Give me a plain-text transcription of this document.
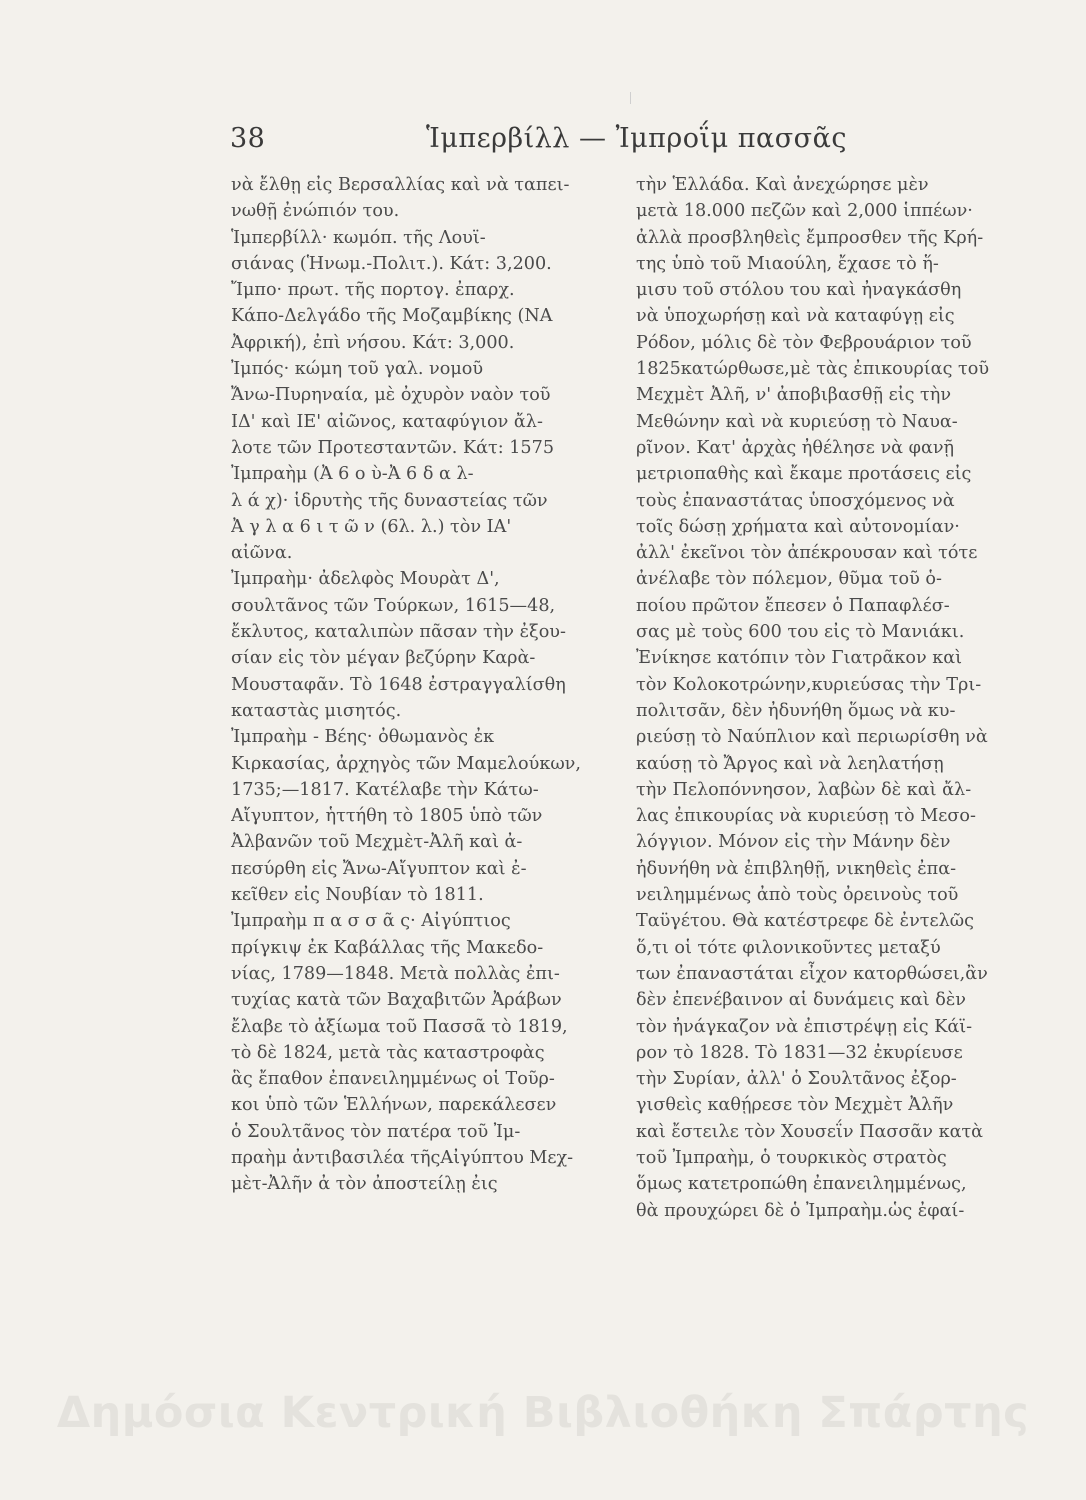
38	Ἱμπερβίλλ — Ἰμπροΐμ πασσᾶς
νὰ ἔλθῃ εἰς Βερσαλλίας καὶ νὰ ταπει-
νωθῇ ἐνώπιόν του.
Ἱμπερβίλλ· κωμόπ. τῆς Λουϊ-
σιάνας (Ἡνωμ.-Πολιτ.). Κάτ: 3,200.
Ἴμπο· πρωτ. τῆς πορτογ. ἐπαρχ.
Κάπο-Δελγάδο τῆς Μοζαμβίκης (ΝΑ
Ἀφρική), ἐπὶ νήσου. Κάτ: 3,000.
Ἰμπός· κώμη τοῦ γαλ. νομοῦ
Ἄνω-Πυρηναία, μὲ ὀχυρὸν ναὸν τοῦ
ΙΔ' καὶ ΙΕ' αἰῶνος, καταφύγιον ἄλ-
λοτε τῶν Προτεσταντῶν. Κάτ: 1575
Ἰμπραὴμ (Ἀ 6 ο ὺ-Ἀ 6 δ α λ-
λ ά χ)· ἱδρυτὴς τῆς δυναστείας τῶν
Ἀ γ λ α 6 ι τ ῶ ν (6λ. λ.) τὸν ΙΑ'
αἰῶνα.
Ἰμπραὴμ· ἀδελφὸς Μουρὰτ Δ',
σουλτᾶνος τῶν Τούρκων, 1615—48,
ἔκλυτος, καταλιπὼν πᾶσαν τὴν ἐξου-
σίαν εἰς τὸν μέγαν βεζύρην Καρὰ-
Μουσταφᾶν. Τὸ 1648 ἐστραγγαλίσθη
καταστὰς μισητός.
Ἰμπραὴμ - Βέης· ὀθωμανὸς ἐκ
Κιρκασίας, ἀρχηγὸς τῶν Μαμελούκων,
1735;—1817. Κατέλαβε τὴν Κάτω-
Αἴγυπτον, ἡττήθη τὸ 1805 ὑπὸ τῶν
Ἀλβανῶν τοῦ Μεχμὲτ-Ἀλῆ καὶ ἀ-
πεσύρθη εἰς Ἄνω-Αἴγυπτον καὶ ἐ-
κεῖθεν εἰς Νουβίαν τὸ 1811.
Ἰμπραὴμ π α σ σ ᾶ ς· Αἰγύπτιος
πρίγκιψ ἐκ Καβάλλας τῆς Μακεδο-
νίας, 1789—1848. Μετὰ πολλὰς ἐπι-
τυχίας κατὰ τῶν Βαχαβιτῶν Ἀράβων
ἔλαβε τὸ ἀξίωμα τοῦ Πασσᾶ τὸ 1819,
τὸ δὲ 1824, μετὰ τὰς καταστροφὰς
ἃς ἔπαθον ἐπανειλημμένως οἱ Τοῦρ-
κοι ὑπὸ τῶν Ἑλλήνων, παρεκάλεσεν
ὁ Σουλτᾶνος τὸν πατέρα τοῦ Ἰμ-
πραὴμ ἀντιβασιλέα τῆςΑἰγύπτου Μεχ-
μὲτ-Ἀλῆν ἀ τὸν ἀποστείλῃ ἐις
τὴν Ἑλλάδα. Καὶ ἀνεχώρησε μὲν
μετὰ 18.000 πεζῶν καὶ 2,000 ἱππέων·
ἀλλὰ προσβληθεὶς ἔμπροσθεν τῆς Κρή-
της ὑπὸ τοῦ Μιαούλη, ἔχασε τὸ ἥ-
μισυ τοῦ στόλου του καὶ ἠναγκάσθη
νὰ ὑποχωρήσῃ καὶ νὰ καταφύγῃ εἰς
Ρόδον, μόλις δὲ τὸν Φεβρουάριον τοῦ
1825κατώρθωσε,μὲ τὰς ἐπικουρίας τοῦ
Μεχμὲτ Ἀλῆ, ν' ἀποβιβασθῇ εἰς τὴν
Μεθώνην καὶ νὰ κυριεύσῃ τὸ Ναυα-
ρῖνον. Κατ' ἀρχὰς ἠθέλησε νὰ φανῇ
μετριοπαθὴς καὶ ἔκαμε προτάσεις εἰς
τοὺς ἐπαναστάτας ὑποσχόμενος νὰ
τοῖς δώσῃ χρήματα καὶ αὐτονομίαν·
ἀλλ' ἐκεῖνοι τὸν ἀπέκρουσαν καὶ τότε
ἀνέλαβε τὸν πόλεμον, θῦμα τοῦ ὁ-
ποίου πρῶτον ἔπεσεν ὁ Παπαφλέσ-
σας μὲ τοὺς 600 του εἰς τὸ Μανιάκι.
Ἐνίκησε κατόπιν τὸν Γιατρᾶκον καὶ
τὸν Κολοκοτρώνην,κυριεύσας τὴν Τρι-
πολιτσᾶν, δὲν ἠδυνήθη ὅμως νὰ κυ-
ριεύσῃ τὸ Ναύπλιον καὶ περιωρίσθη νὰ
καύσῃ τὸ Ἄργος καὶ νὰ λεηλατήσῃ
τὴν Πελοπόννησον, λαβὼν δὲ καὶ ἄλ-
λας ἐπικουρίας νὰ κυριεύσῃ τὸ Μεσο-
λόγγιον. Μόνον εἰς τὴν Μάνην δὲν
ἠδυνήθη νὰ ἐπιβληθῇ, νικηθεὶς ἐπα-
νειλημμένως ἀπὸ τοὺς ὀρεινοὺς τοῦ
Ταϋγέτου. Θὰ κατέστρεφε δὲ ἐντελῶς
ὅ,τι οἱ τότε φιλονικοῦντες μεταξύ
των ἐπαναστάται εἶχον κατορθώσει,ἂν
δὲν ἐπενέβαινον αἱ δυνάμεις καὶ δὲν
τὸν ἠνάγκαζον νὰ ἐπιστρέψῃ εἰς Κάϊ-
ρον τὸ 1828. Τὸ 1831—32 ἐκυρίευσε
τὴν Συρίαν, ἀλλ' ὁ Σουλτᾶνος ἐξορ-
γισθεὶς καθῄρεσε τὸν Μεχμὲτ Ἀλῆν
καὶ ἔστειλε τὸν Χουσεΐν Πασσᾶν κατὰ
τοῦ Ἰμπραὴμ, ὁ τουρκικὸς στρατὸς
ὅμως κατετροπώθη ἐπανειλημμένως,
θὰ προυχώρει δὲ ὁ Ἰμπραὴμ.ὡς ἐφαί-
Δημόσια Κεντρική Βιβλιοθήκη Σπάρτης
